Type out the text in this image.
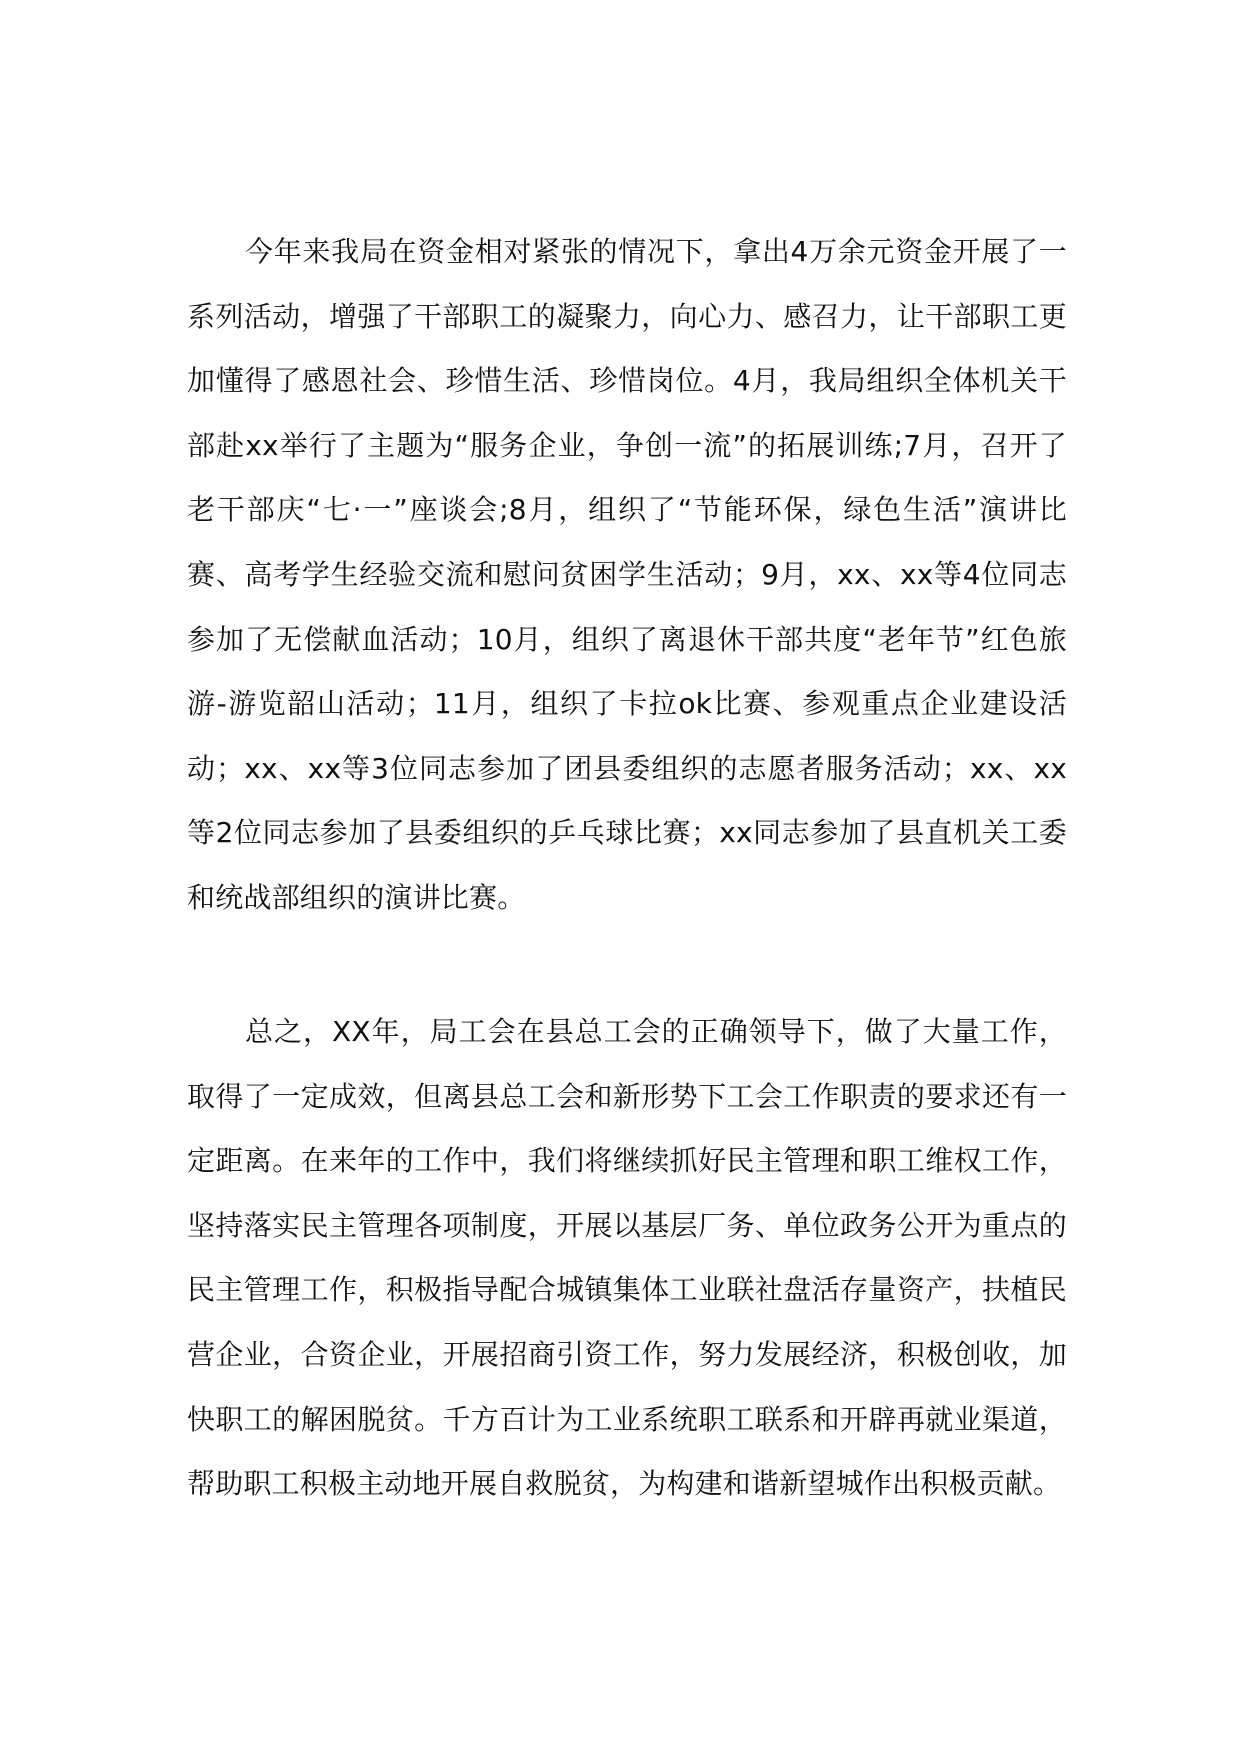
今年来我局在资金相对紧张的情况下，拿出4万余元资金开展了一系列活动，增强了干部职工的凝聚力，向心力、感召力，让干部职工更加懂得了感恩社会、珍惜生活、珍惜岗位。4月，我局组织全体机关干部赴xx举行了主题为“服务企业，争创一流”的拓展训练;7月，召开了老干部庆“七·一”座谈会;8月，组织了“节能环保，绿色生活”演讲比赛、高考学生经验交流和慰问贫困学生活动；9月，xx、xx等4位同志参加了无偿献血活动；10月，组织了离退休干部共度“老年节”红色旅游-游览韶山活动；11月，组织了卡拉ok比赛、参观重点企业建设活动；xx、xx等3位同志参加了团县委组织的志愿者服务活动；xx、xx等2位同志参加了县委组织的乒乓球比赛；xx同志参加了县直机关工委和统战部组织的演讲比赛。

总之，XX年，局工会在县总工会的正确领导下，做了大量工作，取得了一定成效，但离县总工会和新形势下工会工作职责的要求还有一定距离。在来年的工作中，我们将继续抓好民主管理和职工维权工作，坚持落实民主管理各项制度，开展以基层厂务、单位政务公开为重点的民主管理工作，积极指导配合城镇集体工业联社盘活存量资产，扶植民营企业，合资企业，开展招商引资工作，努力发展经济，积极创收，加快职工的解困脱贫。千方百计为工业系统职工联系和开辟再就业渠道，帮助职工积极主动地开展自救脱贫，为构建和谐新望城作出积极贡献。
